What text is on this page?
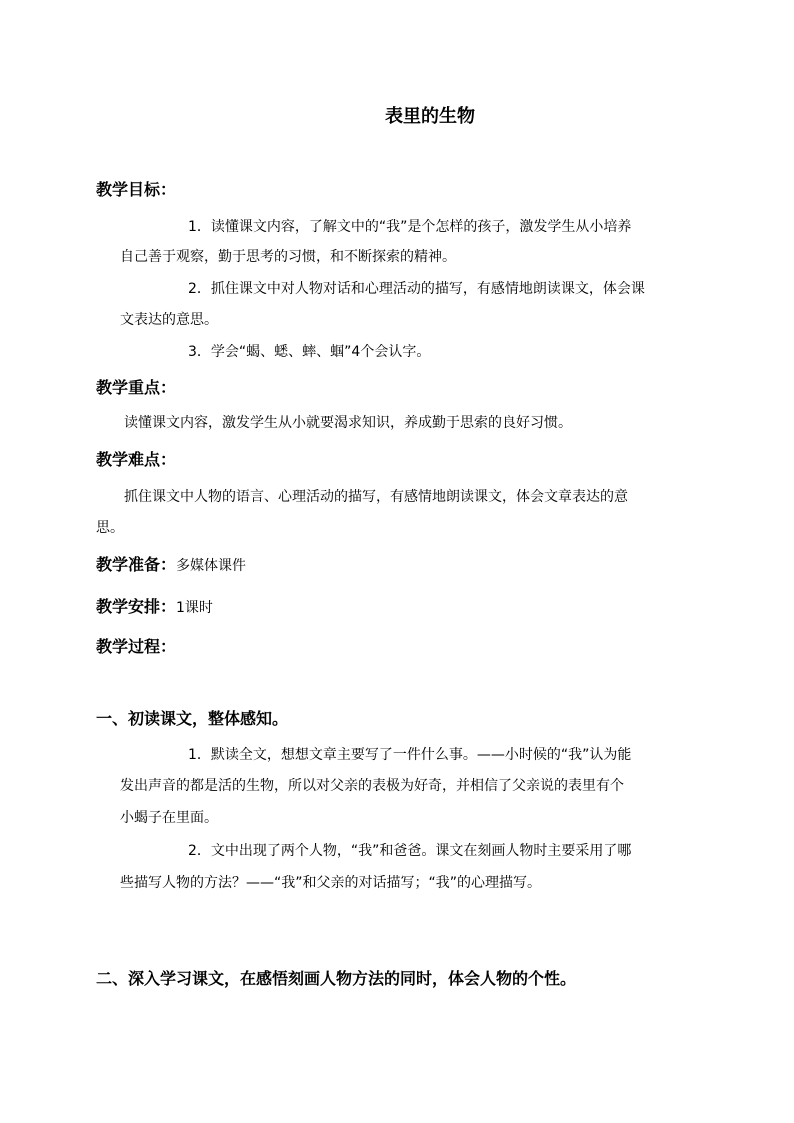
表里的生物
教学目标：
1．读懂课文内容，了解文中的“我”是个怎样的孩子，激发学生从小培养
自己善于观察，勤于思考的习惯，和不断探索的精神。
2．抓住课文中对人物对话和心理活动的描写，有感情地朗读课文，体会课
文表达的意思。
3．学会“蝎、蟋、蟀、蝈”4个会认字。
教学重点：
读懂课文内容，激发学生从小就要渴求知识，养成勤于思索的良好习惯。
教学难点：
抓住课文中人物的语言、心理活动的描写，有感情地朗读课文，体会文章表达的意
思。
教学准备：多媒体课件
教学安排：1课时
教学过程：
一、初读课文，整体感知。
1．默读全文，想想文章主要写了一件什么事。——小时候的“我”认为能
发出声音的都是活的生物，所以对父亲的表极为好奇，并相信了父亲说的表里有个
小蝎子在里面。
2．文中出现了两个人物，“我”和爸爸。课文在刻画人物时主要采用了哪
些描写人物的方法？——“我”和父亲的对话描写；“我”的心理描写。
二、深入学习课文，在感悟刻画人物方法的同时，体会人物的个性。
